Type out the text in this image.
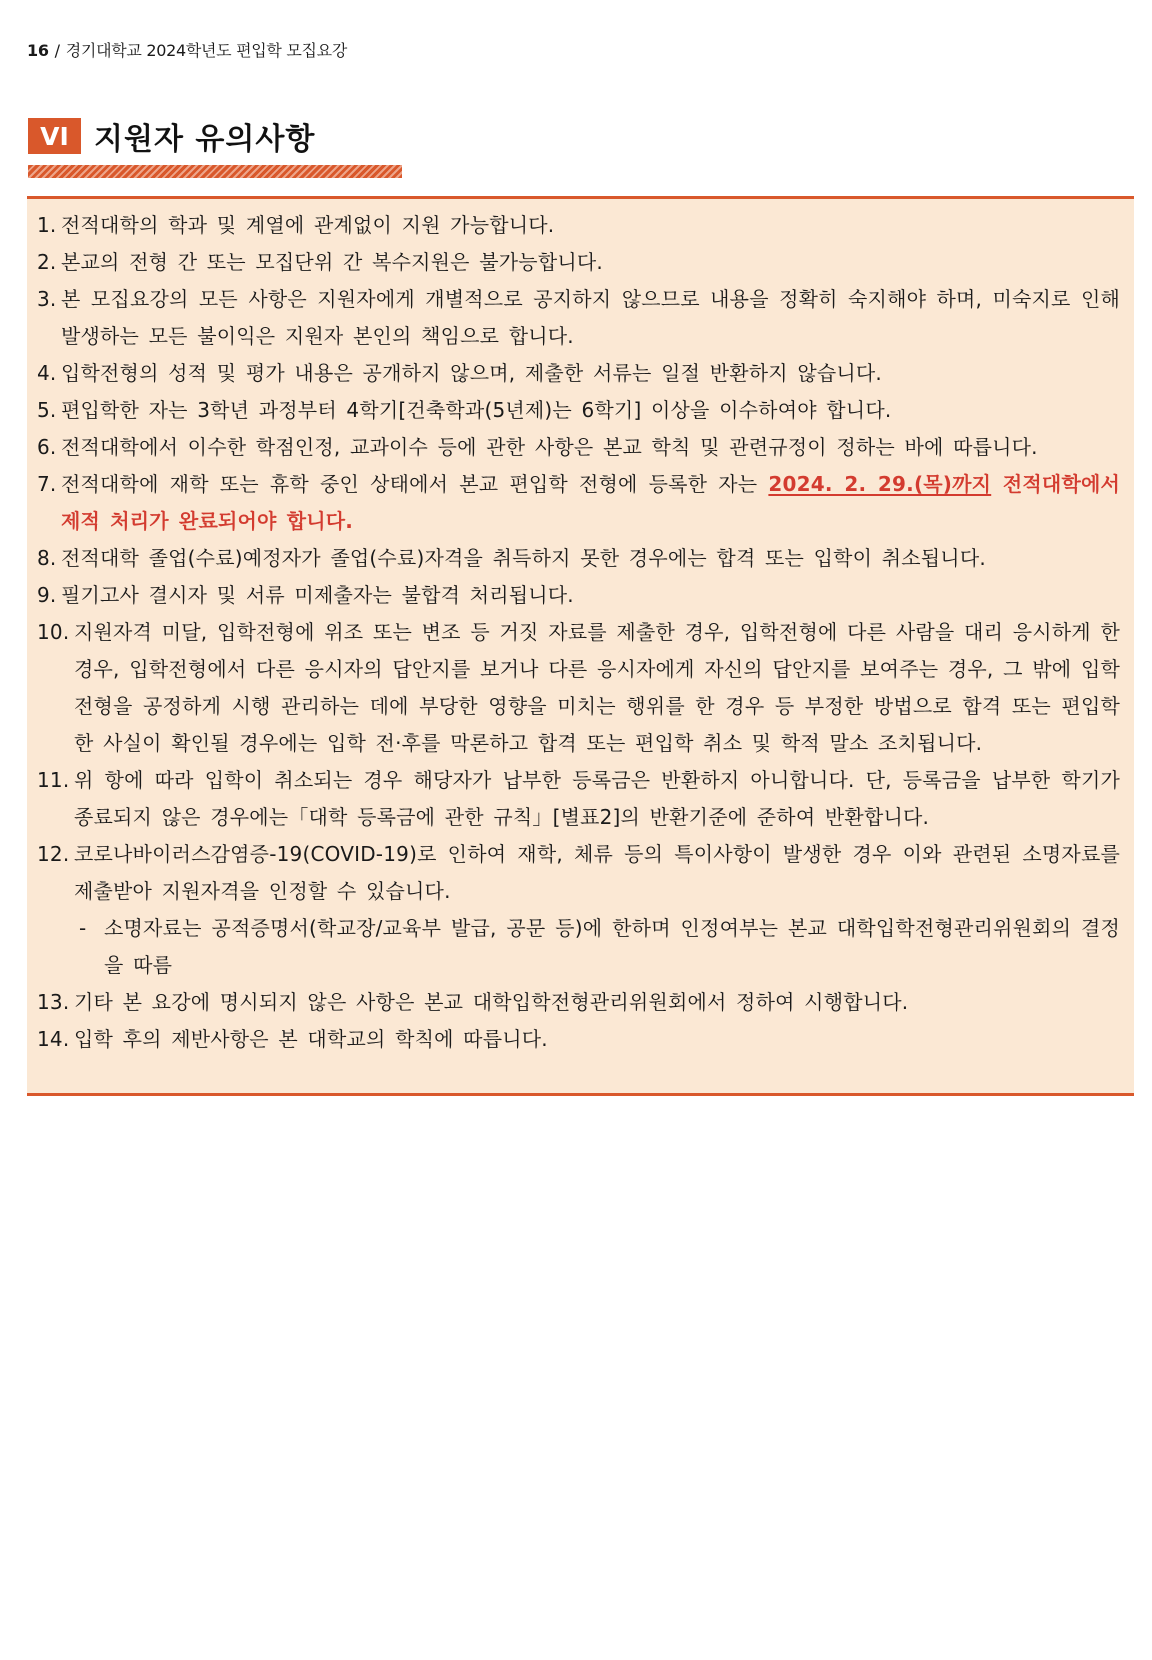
16 / 경기대학교 2024학년도 편입학 모집요강
VI 지원자 유의사항
1. 전적대학의 학과 및 계열에 관계없이 지원 가능합니다.
2. 본교의 전형 간 또는 모집단위 간 복수지원은 불가능합니다.
3. 본 모집요강의 모든 사항은 지원자에게 개별적으로 공지하지 않으므로 내용을 정확히 숙지해야 하며, 미숙지로 인해 발생하는 모든 불이익은 지원자 본인의 책임으로 합니다.
4. 입학전형의 성적 및 평가 내용은 공개하지 않으며, 제출한 서류는 일절 반환하지 않습니다.
5. 편입학한 자는 3학년 과정부터 4학기[건축학과(5년제)는 6학기] 이상을 이수하여야 합니다.
6. 전적대학에서 이수한 학점인정, 교과이수 등에 관한 사항은 본교 학칙 및 관련규정이 정하는 바에 따릅니다.
7. 전적대학에 재학 또는 휴학 중인 상태에서 본교 편입학 전형에 등록한 자는 2024. 2. 29.(목)까지 전적대학에서 제적 처리가 완료되어야 합니다.
8. 전적대학 졸업(수료)예정자가 졸업(수료)자격을 취득하지 못한 경우에는 합격 또는 입학이 취소됩니다.
9. 필기고사 결시자 및 서류 미제출자는 불합격 처리됩니다.
10. 지원자격 미달, 입학전형에 위조 또는 변조 등 거짓 자료를 제출한 경우, 입학전형에 다른 사람을 대리 응시하게 한 경우, 입학전형에서 다른 응시자의 답안지를 보거나 다른 응시자에게 자신의 답안지를 보여주는 경우, 그 밖에 입학전형을 공정하게 시행 관리하는 데에 부당한 영향을 미치는 행위를 한 경우 등 부정한 방법으로 합격 또는 편입학한 사실이 확인될 경우에는 입학 전·후를 막론하고 합격 또는 편입학 취소 및 학적 말소 조치됩니다.
11. 위 항에 따라 입학이 취소되는 경우 해당자가 납부한 등록금은 반환하지 아니합니다. 단, 등록금을 납부한 학기가 종료되지 않은 경우에는「대학 등록금에 관한 규칙」[별표2]의 반환기준에 준하여 반환합니다.
12. 코로나바이러스감염증-19(COVID-19)로 인하여 재학, 체류 등의 특이사항이 발생한 경우 이와 관련된 소명자료를 제출받아 지원자격을 인정할 수 있습니다.
- 소명자료는 공적증명서(학교장/교육부 발급, 공문 등)에 한하며 인정여부는 본교 대학입학전형관리위원회의 결정을 따름
13. 기타 본 요강에 명시되지 않은 사항은 본교 대학입학전형관리위원회에서 정하여 시행합니다.
14. 입학 후의 제반사항은 본 대학교의 학칙에 따릅니다.
